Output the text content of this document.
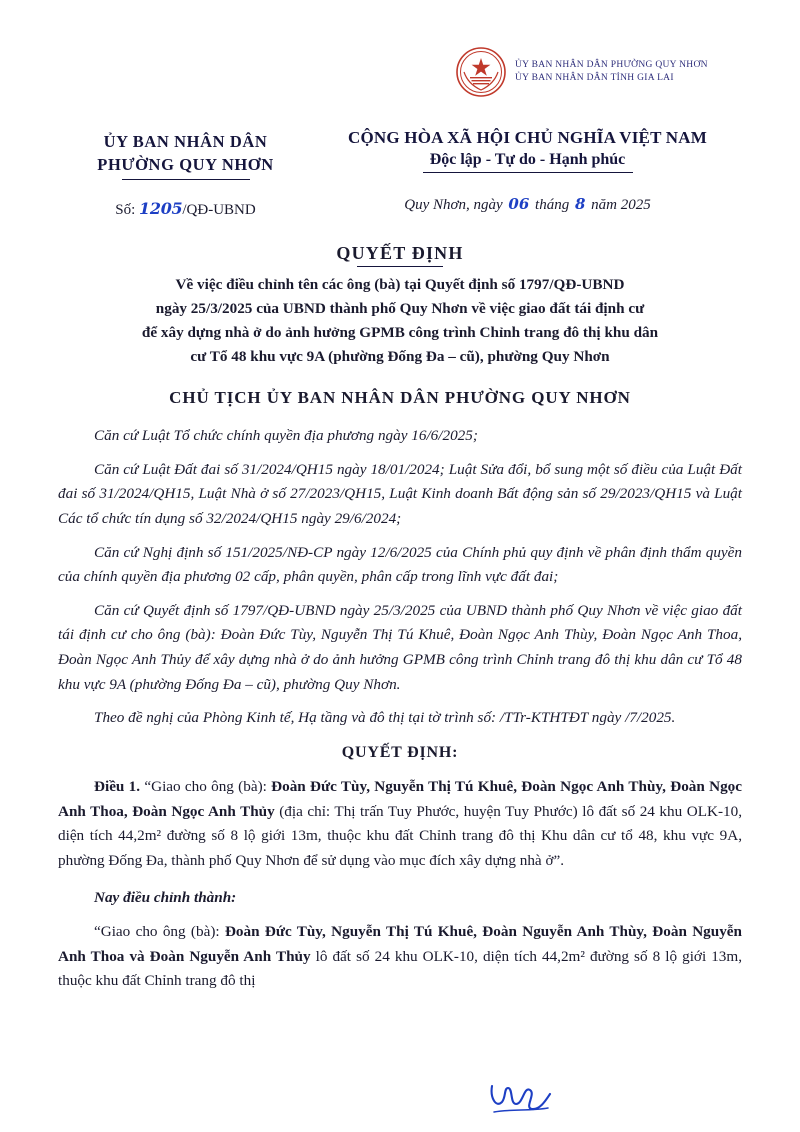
ỦY BAN NHÂN DÂN PHƯỜNG QUY NHƠN
ỦY BAN NHÂN DÂN TỈNH GIA LAI
ỦY BAN NHÂN DÂN
PHƯỜNG QUY NHƠN
Số: 1205/QĐ-UBND
CỘNG HÒA XÃ HỘI CHỦ NGHĨA VIỆT NAM
Độc lập - Tự do - Hạnh phúc
Quy Nhơn, ngày 06 tháng 8 năm 2025
QUYẾT ĐỊNH
Về việc điều chỉnh tên các ông (bà) tại Quyết định số 1797/QĐ-UBND
ngày 25/3/2025 của UBND thành phố Quy Nhơn về việc giao đất tái định cư
để xây dựng nhà ở do ảnh hưởng GPMB công trình Chỉnh trang đô thị khu dân
cư Tổ 48 khu vực 9A (phường Đống Đa – cũ), phường Quy Nhơn
CHỦ TỊCH ỦY BAN NHÂN DÂN PHƯỜNG QUY NHƠN

Căn cứ Luật Tổ chức chính quyền địa phương ngày 16/6/2025;

Căn cứ Luật Đất đai số 31/2024/QH15 ngày 18/01/2024; Luật Sửa đổi, bổ sung một số điều của Luật Đất đai số 31/2024/QH15, Luật Nhà ở số 27/2023/QH15, Luật Kinh doanh Bất động sản số 29/2023/QH15 và Luật Các tổ chức tín dụng số 32/2024/QH15 ngày 29/6/2024;

Căn cứ Nghị định số 151/2025/NĐ-CP ngày 12/6/2025 của Chính phủ quy định về phân định thẩm quyền của chính quyền địa phương 02 cấp, phân quyền, phân cấp trong lĩnh vực đất đai;

Căn cứ Quyết định số 1797/QĐ-UBND ngày 25/3/2025 của UBND thành phố Quy Nhơn về việc giao đất tái định cư cho ông (bà): Đoàn Đức Tùy, Nguyễn Thị Tú Khuê, Đoàn Ngọc Anh Thùy, Đoàn Ngọc Anh Thoa, Đoàn Ngọc Anh Thủy để xây dựng nhà ở do ảnh hưởng GPMB công trình Chỉnh trang đô thị khu dân cư Tổ 48 khu vực 9A (phường Đống Đa – cũ), phường Quy Nhơn.

Theo đề nghị của Phòng Kinh tế, Hạ tầng và đô thị tại tờ trình số: /TTr-KTHTĐT ngày /7/2025.

QUYẾT ĐỊNH:

Điều 1. “Giao cho ông (bà): Đoàn Đức Tùy, Nguyễn Thị Tú Khuê, Đoàn Ngọc Anh Thùy, Đoàn Ngọc Anh Thoa, Đoàn Ngọc Anh Thủy (địa chỉ: Thị trấn Tuy Phước, huyện Tuy Phước) lô đất số 24 khu OLK-10, diện tích 44,2m² đường số 8 lộ giới 13m, thuộc khu đất Chỉnh trang đô thị Khu dân cư tổ 48, khu vực 9A, phường Đống Đa, thành phố Quy Nhơn để sử dụng vào mục đích xây dựng nhà ở”.

Nay điều chỉnh thành:

“Giao cho ông (bà): Đoàn Đức Tùy, Nguyễn Thị Tú Khuê, Đoàn Nguyễn Anh Thùy, Đoàn Nguyễn Anh Thoa và Đoàn Nguyễn Anh Thủy lô đất số 24 khu OLK-10, diện tích 44,2m² đường số 8 lộ giới 13m, thuộc khu đất Chỉnh trang đô thị
